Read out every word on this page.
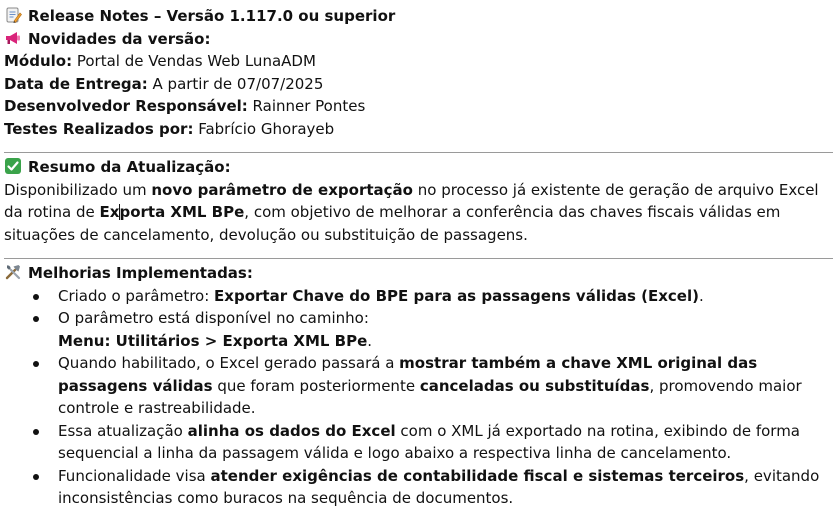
Release Notes – Versão 1.117.0 ou superior
Novidades da versão:
Módulo: Portal de Vendas Web LunaADM
Data de Entrega: A partir de 07/07/2025
Desenvolvedor Responsável: Rainner Pontes
Testes Realizados por: Fabrício Ghorayeb
Resumo da Atualização:
Disponibilizado um novo parâmetro de exportação no processo já existente de geração de arquivo Excel da rotina de Exporta XML BPe, com objetivo de melhorar a conferência das chaves fiscais válidas em situações de cancelamento, devolução ou substituição de passagens.
Melhorias Implementadas:
Criado o parâmetro: Exportar Chave do BPE para as passagens válidas (Excel).
O parâmetro está disponível no caminho:
Menu: Utilitários > Exporta XML BPe.
Quando habilitado, o Excel gerado passará a mostrar também a chave XML original das passagens válidas que foram posteriormente canceladas ou substituídas, promovendo maior controle e rastreabilidade.
Essa atualização alinha os dados do Excel com o XML já exportado na rotina, exibindo de forma sequencial a linha da passagem válida e logo abaixo a respectiva linha de cancelamento.
Funcionalidade visa atender exigências de contabilidade fiscal e sistemas terceiros, evitando inconsistências como buracos na sequência de documentos.
